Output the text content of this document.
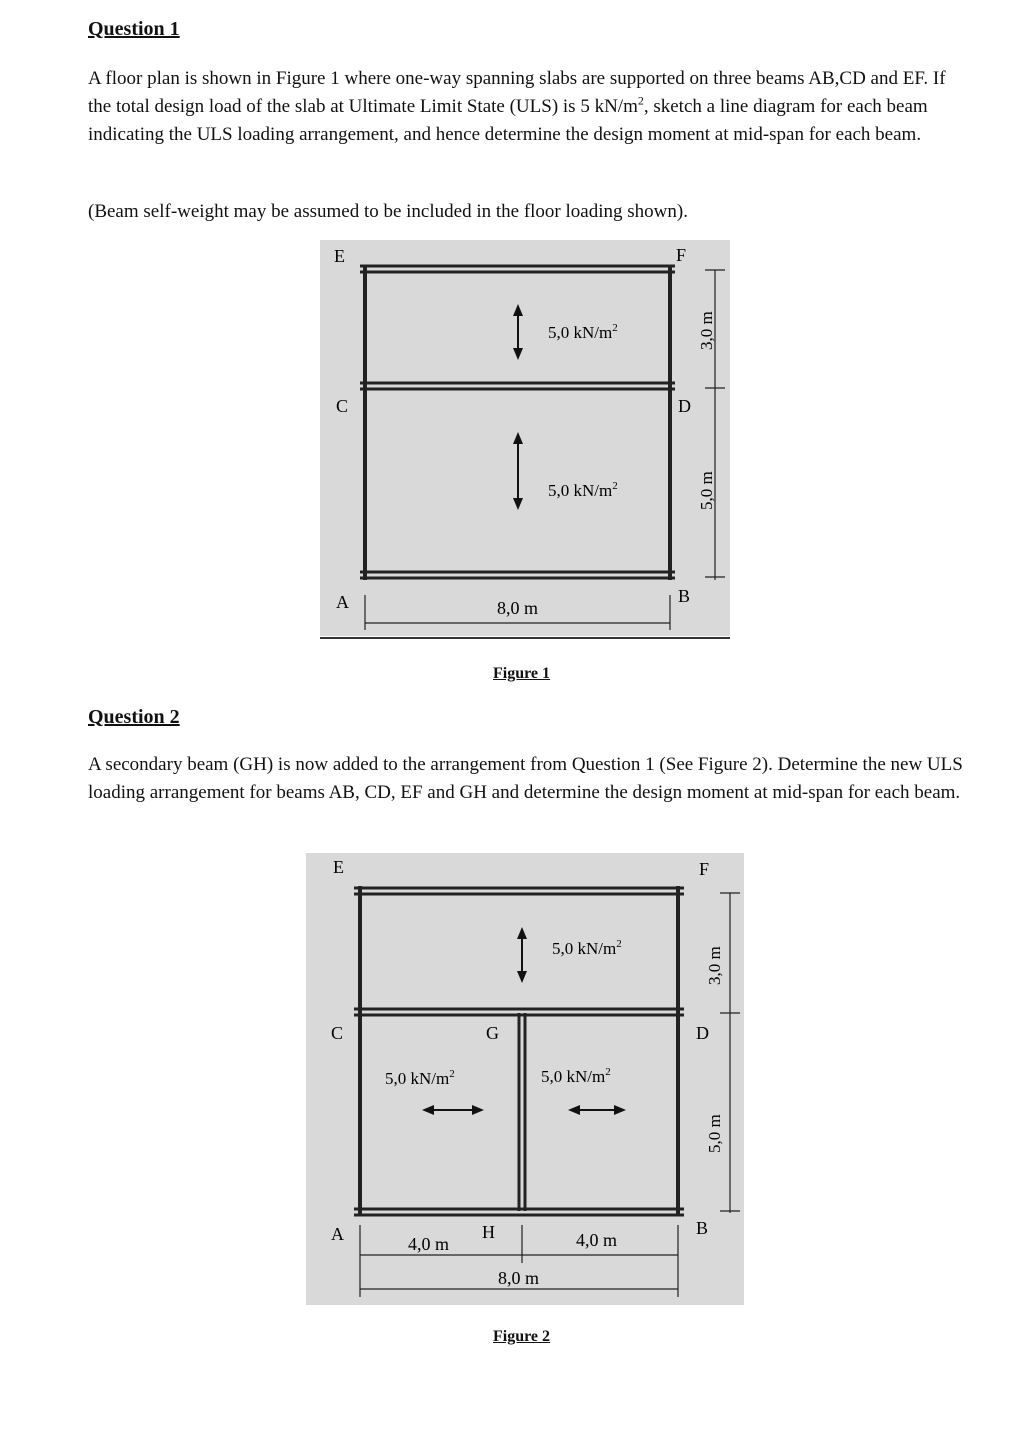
Question 1

A floor plan is shown in Figure 1 where one-way spanning slabs are supported on three beams AB,CD and EF. If the total design load of the slab at Ultimate Limit State (ULS) is 5 $kN/m^2$, sketch a line diagram for each beam indicating the ULS loading arrangement, and hence determine the design moment at mid-span for each beam.

(Beam self-weight may be assumed to be included in the floor loading shown).

5,0 $kN/m^2$
5,0 $kN/m^2$
E	F
C	D
A	B
3,0 m
5,0 m
8,0 m
Figure 1
Question 2

A secondary beam (GH) is now added to the arrangement from Question 1 (See Figure 2). Determine the new ULS loading arrangement for beams AB, CD, EF and GH and determine the design moment at mid-span for each beam.

5,0 $kN/m^2$
5,0 $kN/m^2$	5,0 $kN/m^2$
E	F
C	D
G
A	B
H
3,0 m
5,0 m
4,0 m	4,0 m
8,0 m
Figure 2
